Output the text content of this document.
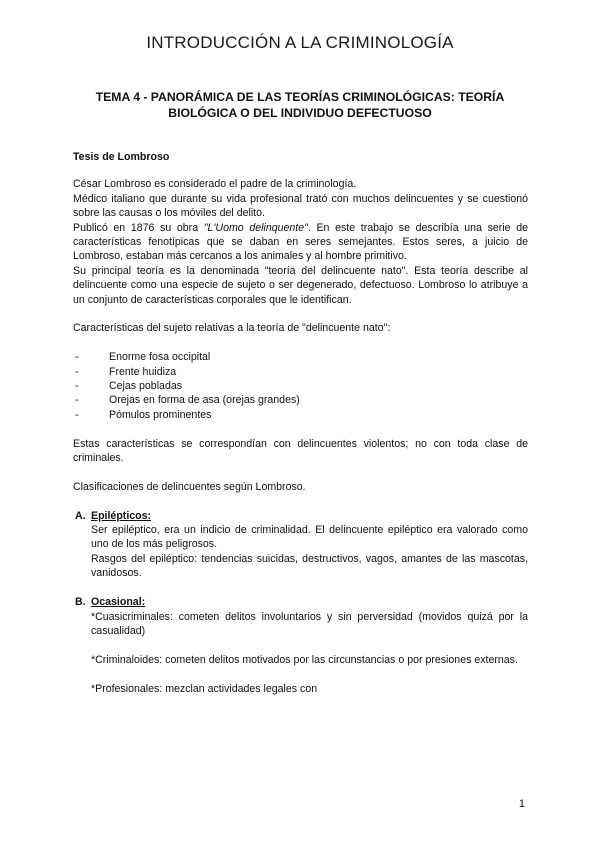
INTRODUCCIÓN A LA CRIMINOLOGÍA
TEMA 4 - PANORÁMICA DE LAS TEORÍAS CRIMINOLÓGICAS: TEORÍA
BIOLÓGICA O DEL INDIVIDUO DEFECTUOSO

Tesis de Lombroso

César Lombroso es considerado el padre de la criminología.

Médico italiano que durante su vida profesional trató con muchos delincuentes y se cuestionó sobre las causas o los móviles del delito.

Publicó en 1876 su obra "L'Uomo delinquente". En este trabajo se describía una serie de características fenotípicas que se daban en seres semejantes. Estos seres, a juicio de Lombroso, estaban más cercanos a los animales y al hombre primitivo.

Su principal teoría es la denominada "teoría del delincuente nato". Esta teoría describe al delincuente como una especie de sujeto o ser degenerado, defectuoso. Lombroso lo atribuye a un conjunto de características corporales que le identifican.

Características del sujeto relativas a la teoría de "delincuente nato":

- Enorme fosa occipital
- Frente huidiza
- Cejas pobladas
- Orejas en forma de asa (orejas grandes)
- Pómulos prominentes

Estas características se correspondían con delincuentes violentos; no con toda clase de criminales.

Clasificaciones de delincuentes según Lombroso.

A. Epilépticos:

Ser epiléptico, era un indicio de criminalidad. El delincuente epiléptico era valorado como uno de los más peligrosos.

Rasgos del epiléptico: tendencias suicidas, destructivos, vagos, amantes de las mascotas, vanidosos.

B. Ocasional:

*Cuasicriminales: cometen delitos involuntarios y sin perversidad (movidos quizá por la casualidad)

*Criminaloides: cometen delitos motivados por las circunstancias o por presiones externas.

*Profesionales: mezclan actividades legales con

1
